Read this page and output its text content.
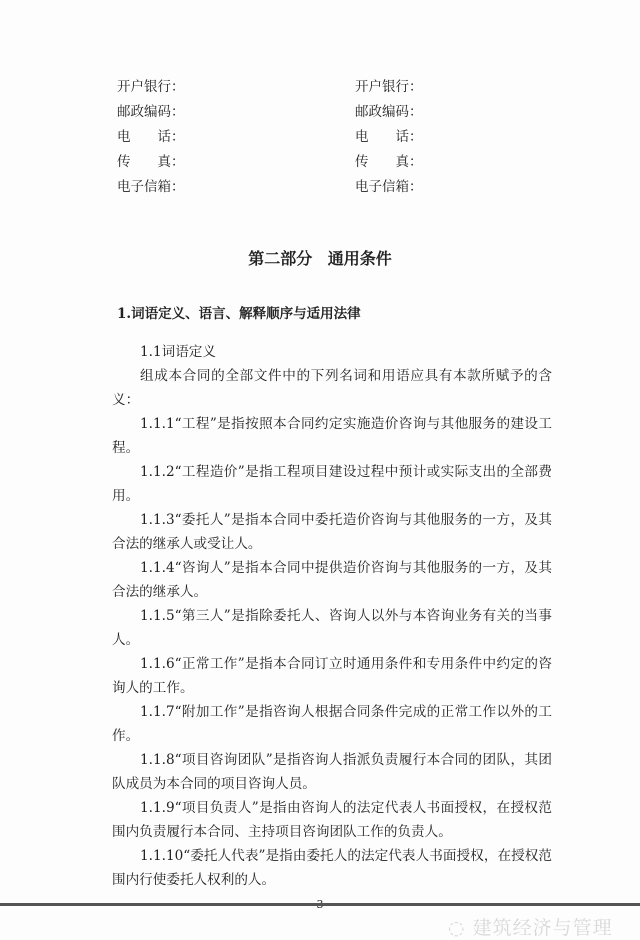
开户银行：
邮政编码：
电　　话：
传　　真：
电子信箱：
开户银行：
邮政编码：
电　　话：
传　　真：
电子信箱：
第二部分 通用条件
1.词语定义、语言、解释顺序与适用法律

1.1词语定义

组成本合同的全部文件中的下列名词和用语应具有本款所赋予的含义：

1.1.1“工程”是指按照本合同约定实施造价咨询与其他服务的建设工程。

1.1.2“工程造价”是指工程项目建设过程中预计或实际支出的全部费用。

1.1.3“委托人”是指本合同中委托造价咨询与其他服务的一方，及其合法的继承人或受让人。

1.1.4“咨询人”是指本合同中提供造价咨询与其他服务的一方，及其合法的继承人。

1.1.5“第三人”是指除委托人、咨询人以外与本咨询业务有关的当事人。

1.1.6“正常工作”是指本合同订立时通用条件和专用条件中约定的咨询人的工作。

1.1.7“附加工作”是指咨询人根据合同条件完成的正常工作以外的工作。

1.1.8“项目咨询团队”是指咨询人指派负责履行本合同的团队，其团队成员为本合同的项目咨询人员。

1.1.9“项目负责人”是指由咨询人的法定代表人书面授权，在授权范围内负责履行本合同、主持项目咨询团队工作的负责人。

1.1.10“委托人代表”是指由委托人的法定代表人书面授权，在授权范围内行使委托人权利的人。

◌ 建筑经济与管理
